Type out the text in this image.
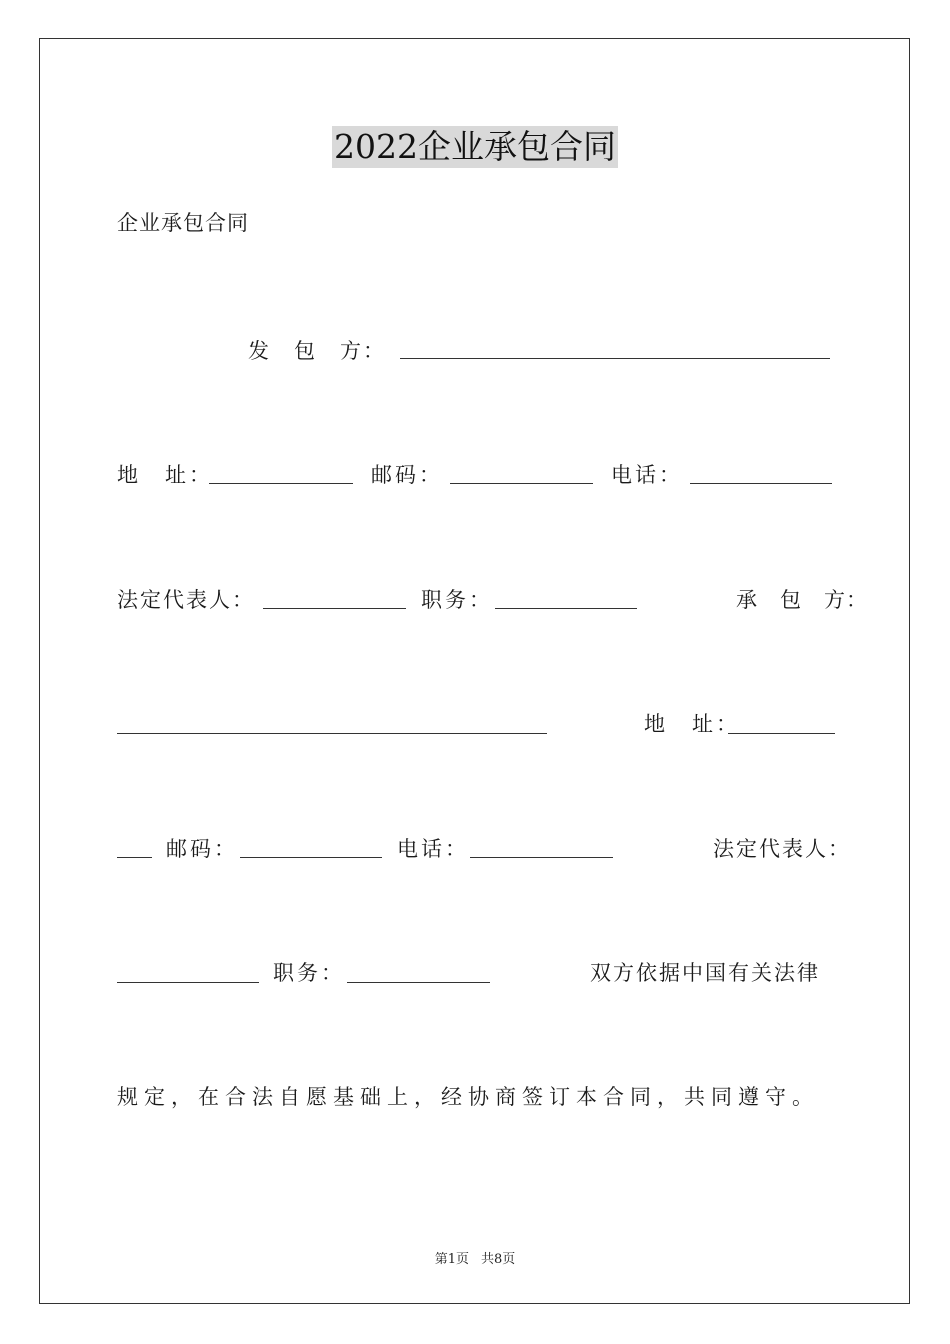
2022企业承包合同
企业承包合同
发　包　方：
地　址：	邮码：	电话：
法定代表人：	职务：	承　包　方：
地　址：
邮码：	电话：	法定代表人：
职务：	双方依据中国有关法律
规定，在合法自愿基础上，经协商签订本合同，共同遵守。
第1页 共8页
